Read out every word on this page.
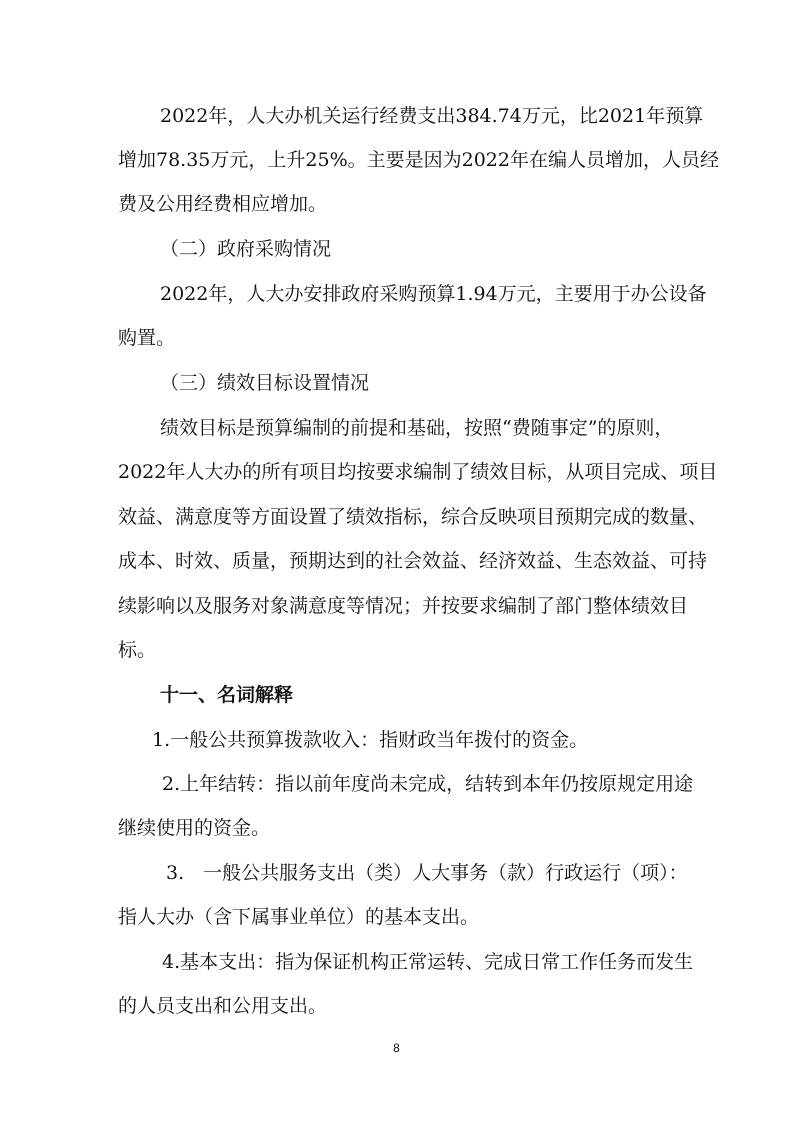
2022年，人大办机关运行经费支出384.74万元，比2021年预算
增加78.35万元，上升25%。主要是因为2022年在编人员增加，人员经
费及公用经费相应增加。
（二）政府采购情况
2022年，人大办安排政府采购预算1.94万元，主要用于办公设备
购置。
（三）绩效目标设置情况
绩效目标是预算编制的前提和基础，按照“费随事定”的原则，
2022年人大办的所有项目均按要求编制了绩效目标，从项目完成、项目
效益、满意度等方面设置了绩效指标，综合反映项目预期完成的数量、
成本、时效、质量，预期达到的社会效益、经济效益、生态效益、可持
续影响以及服务对象满意度等情况；并按要求编制了部门整体绩效目
标。
十一、名词解释
1.一般公共预算拨款收入：指财政当年拨付的资金。
2.上年结转：指以前年度尚未完成，结转到本年仍按原规定用途
继续使用的资金。
3.　一般公共服务支出（类）人大事务（款）行政运行（项）：
指人大办（含下属事业单位）的基本支出。
4.基本支出：指为保证机构正常运转、完成日常工作任务而发生
的人员支出和公用支出。
8
